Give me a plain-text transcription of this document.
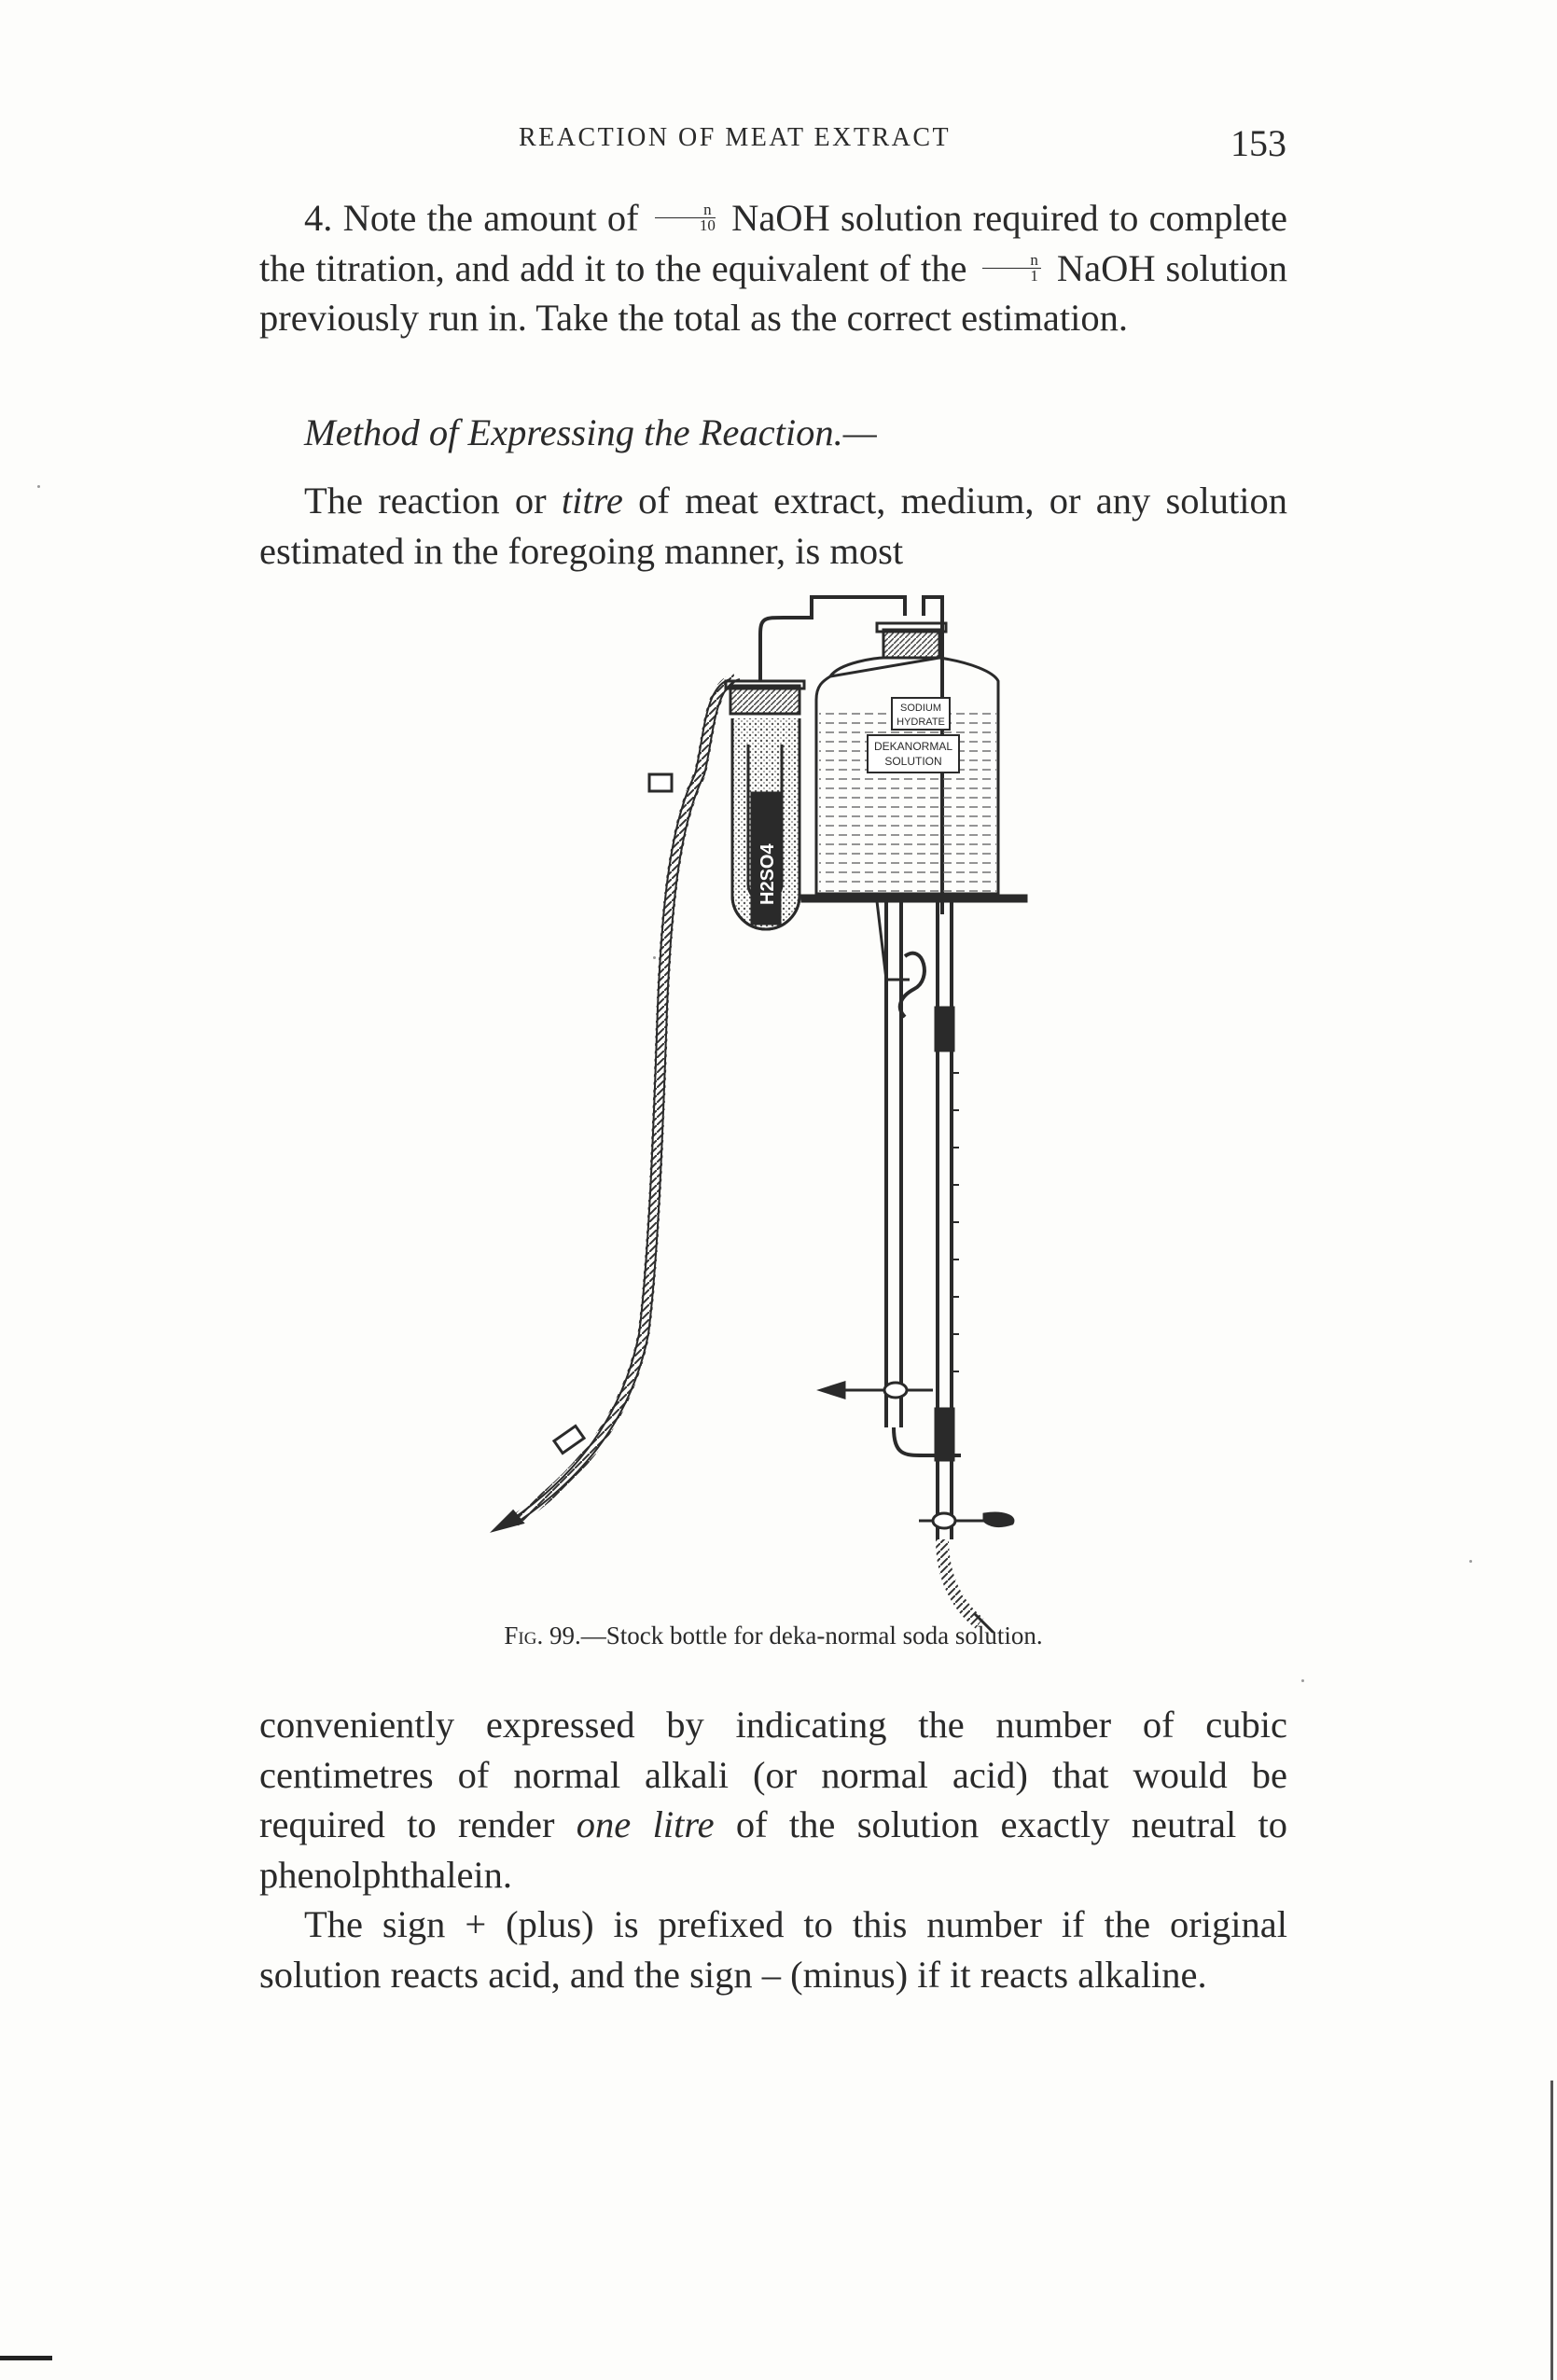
REACTION OF MEAT EXTRACT	153

4. Note the amount of $\frac{n}{10}$ NaOH solution required to complete the titration, and add it to the equivalent of the $\frac{n}{1}$ NaOH solution previously run in. Take the total as the correct estimation.

Method of Expressing the Reaction.—

The reaction or titre of meat extract, medium, or any solution estimated in the foregoing manner, is most

H2SO4
SODIUM
HYDRATE
DEKANORMAL
SOLUTION
Fig. 99.—Stock bottle for deka-normal soda solution.

conveniently expressed by indicating the number of cubic centimetres of normal alkali (or normal acid) that would be required to render one litre of the solution exactly neutral to phenolphthalein.

The sign + (plus) is prefixed to this number if the original solution reacts acid, and the sign – (minus) if it reacts alkaline.
